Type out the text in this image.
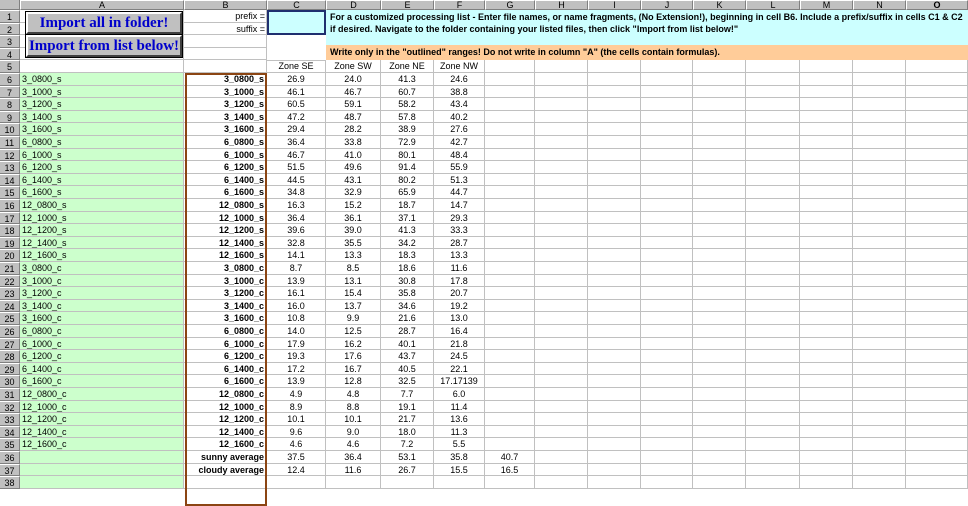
prefix =
suffix =
For a customized processing list - Enter file names, or name fragments, (No Extension!), beginning in cell B6. Include a prefix/suffix in cells C1 & C2 if desired. Navigate to the folder containing your listed files, then click "Import from list below!"
Write only in the "outlined" ranges! Do not write in column "A" (the cells contain formulas).
Import all in folder!
Import from list below!
Zone SE	Zone SW	Zone NE	Zone NW
3_0800_s	3_0800_s	26.9	24.0	41.3	24.6
3_1000_s	3_1000_s	46.1	46.7	60.7	38.8
3_1200_s	3_1200_s	60.5	59.1	58.2	43.4
3_1400_s	3_1400_s	47.2	48.7	57.8	40.2
3_1600_s	3_1600_s	29.4	28.2	38.9	27.6
6_0800_s	6_0800_s	36.4	33.8	72.9	42.7
6_1000_s	6_1000_s	46.7	41.0	80.1	48.4
6_1200_s	6_1200_s	51.5	49.6	91.4	55.9
6_1400_s	6_1400_s	44.5	43.1	80.2	51.3
6_1600_s	6_1600_s	34.8	32.9	65.9	44.7
12_0800_s	12_0800_s	16.3	15.2	18.7	14.7
12_1000_s	12_1000_s	36.4	36.1	37.1	29.3
12_1200_s	12_1200_s	39.6	39.0	41.3	33.3
12_1400_s	12_1400_s	32.8	35.5	34.2	28.7
12_1600_s	12_1600_s	14.1	13.3	18.3	13.3
3_0800_c	3_0800_c	8.7	8.5	18.6	11.6
3_1000_c	3_1000_c	13.9	13.1	30.8	17.8
3_1200_c	3_1200_c	16.1	15.4	35.8	20.7
3_1400_c	3_1400_c	16.0	13.7	34.6	19.2
3_1600_c	3_1600_c	10.8	9.9	21.6	13.0
6_0800_c	6_0800_c	14.0	12.5	28.7	16.4
6_1000_c	6_1000_c	17.9	16.2	40.1	21.8
6_1200_c	6_1200_c	19.3	17.6	43.7	24.5
6_1400_c	6_1400_c	17.2	16.7	40.5	22.1
6_1600_c	6_1600_c	13.9	12.8	32.5	17.17139
12_0800_c	12_0800_c	4.9	4.8	7.7	6.0
12_1000_c	12_1000_c	8.9	8.8	19.1	11.4
12_1200_c	12_1200_c	10.1	10.1	21.7	13.6
12_1400_c	12_1400_c	9.6	9.0	18.0	11.3
12_1600_c	12_1600_c	4.6	4.6	7.2	5.5
sunny average	37.5	36.4	53.1	35.8	40.7
cloudy average	12.4	11.6	26.7	15.5	16.5
A	B	C	D	E	F	G	H	I	J	K	L	M	N	O
1
2
3
4
5
6
7
8
9
10
11
12
13
14
15
16
17
18
19
20
21
22
23
24
25
26
27
28
29
30
31
32
33
34
35
36
37
38
